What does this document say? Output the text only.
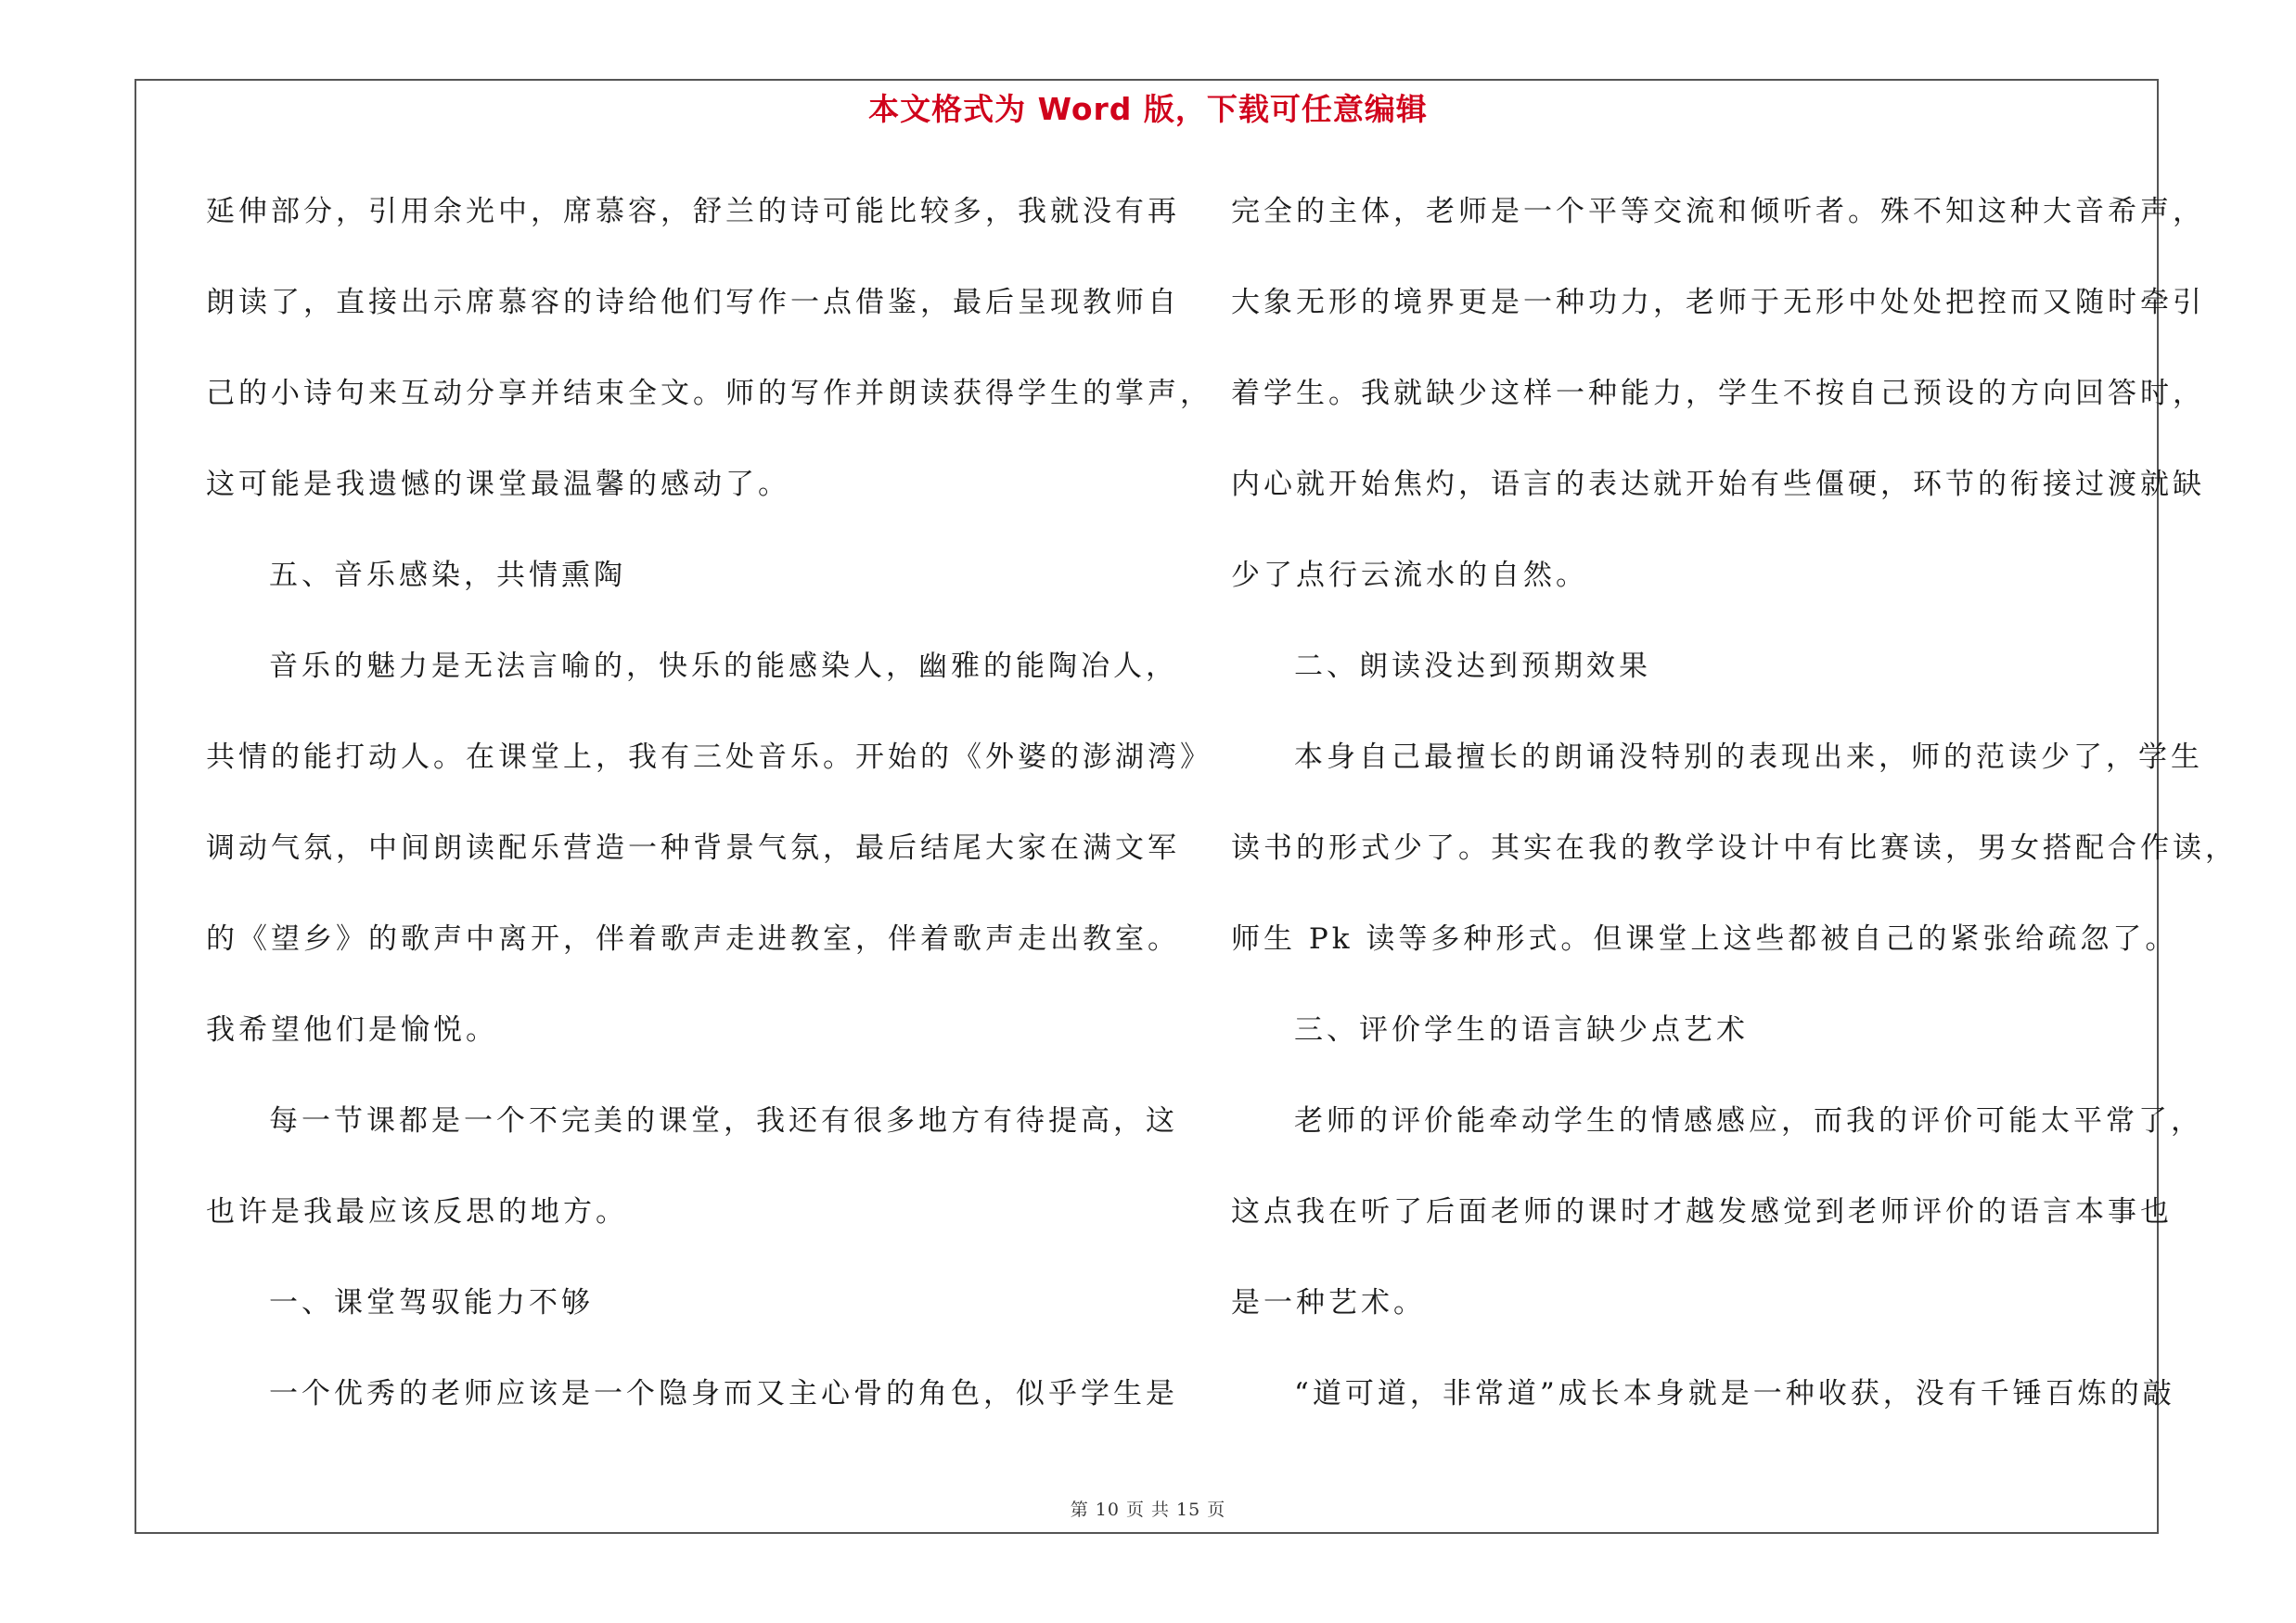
本文格式为 Word 版，下载可任意编辑
延伸部分，引用余光中，席慕容，舒兰的诗可能比较多，我就没有再
朗读了，直接出示席慕容的诗给他们写作一点借鉴，最后呈现教师自
己的小诗句来互动分享并结束全文。师的写作并朗读获得学生的掌声，
这可能是我遗憾的课堂最温馨的感动了。
五、音乐感染，共情熏陶
音乐的魅力是无法言喻的，快乐的能感染人，幽雅的能陶冶人，
共情的能打动人。在课堂上，我有三处音乐。开始的《外婆的澎湖湾》
调动气氛，中间朗读配乐营造一种背景气氛，最后结尾大家在满文军
的《望乡》的歌声中离开，伴着歌声走进教室，伴着歌声走出教室。
我希望他们是愉悦。
每一节课都是一个不完美的课堂，我还有很多地方有待提高，这
也许是我最应该反思的地方。
一、课堂驾驭能力不够
一个优秀的老师应该是一个隐身而又主心骨的角色，似乎学生是
完全的主体，老师是一个平等交流和倾听者。殊不知这种大音希声，
大象无形的境界更是一种功力，老师于无形中处处把控而又随时牵引
着学生。我就缺少这样一种能力，学生不按自己预设的方向回答时，
内心就开始焦灼，语言的表达就开始有些僵硬，环节的衔接过渡就缺
少了点行云流水的自然。
二、朗读没达到预期效果
本身自己最擅长的朗诵没特别的表现出来，师的范读少了，学生
读书的形式少了。其实在我的教学设计中有比赛读，男女搭配合作读，
师生 Pk 读等多种形式。但课堂上这些都被自己的紧张给疏忽了。
三、评价学生的语言缺少点艺术
老师的评价能牵动学生的情感感应，而我的评价可能太平常了，
这点我在听了后面老师的课时才越发感觉到老师评价的语言本事也
是一种艺术。
“道可道，非常道”成长本身就是一种收获，没有千锤百炼的敲
第 10 页 共 15 页
